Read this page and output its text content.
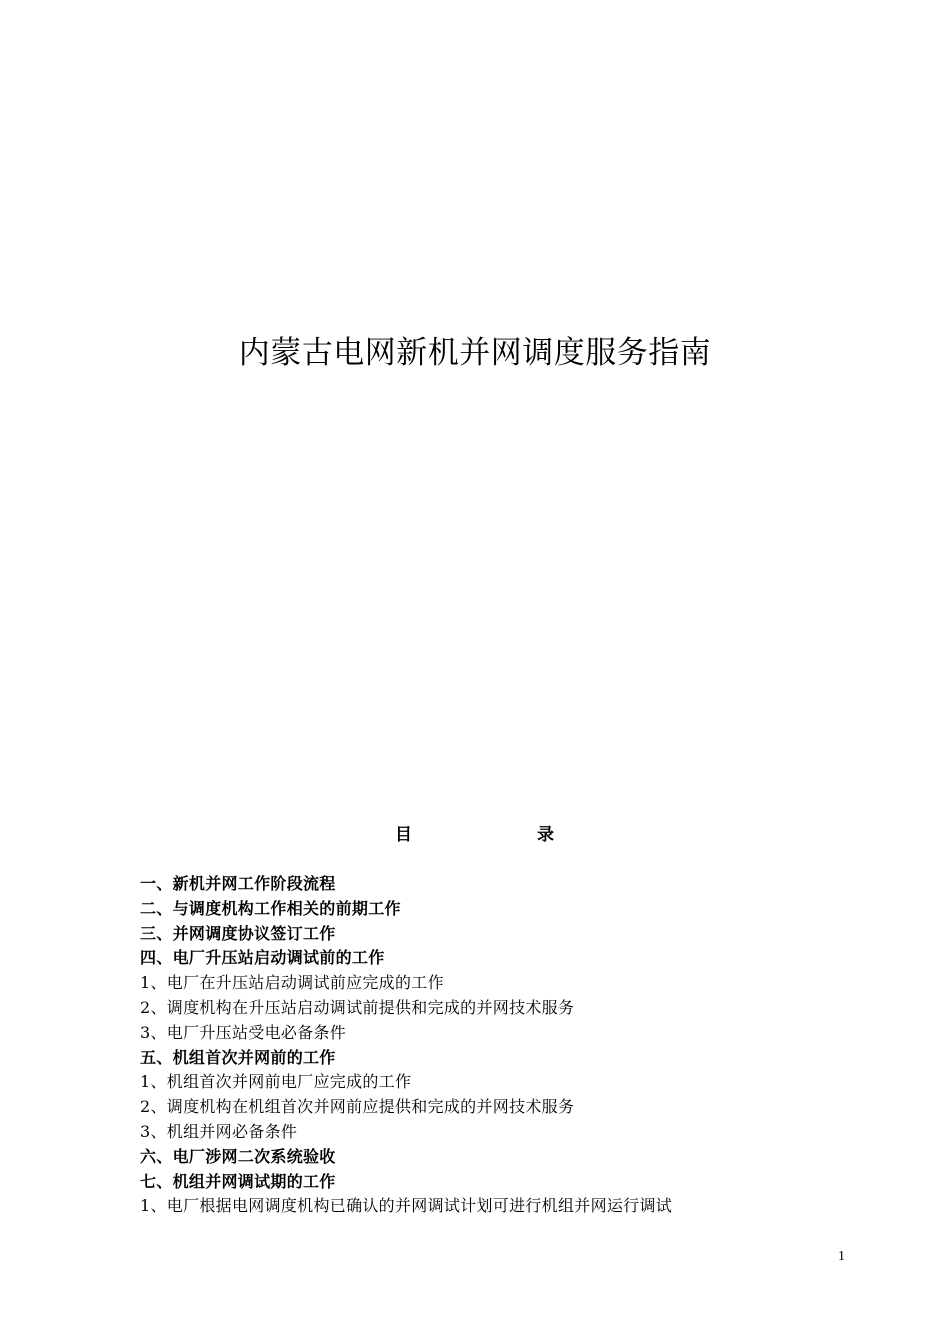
内蒙古电网新机并网调度服务指南
目	录
一、新机并网工作阶段流程
二、与调度机构工作相关的前期工作
三、并网调度协议签订工作
四、电厂升压站启动调试前的工作
1、电厂在升压站启动调试前应完成的工作
2、调度机构在升压站启动调试前提供和完成的并网技术服务
3、电厂升压站受电必备条件
五、机组首次并网前的工作
1、机组首次并网前电厂应完成的工作
2、调度机构在机组首次并网前应提供和完成的并网技术服务
3、机组并网必备条件
六、电厂涉网二次系统验收
七、机组并网调试期的工作
1、电厂根据电网调度机构已确认的并网调试计划可进行机组并网运行调试
1
